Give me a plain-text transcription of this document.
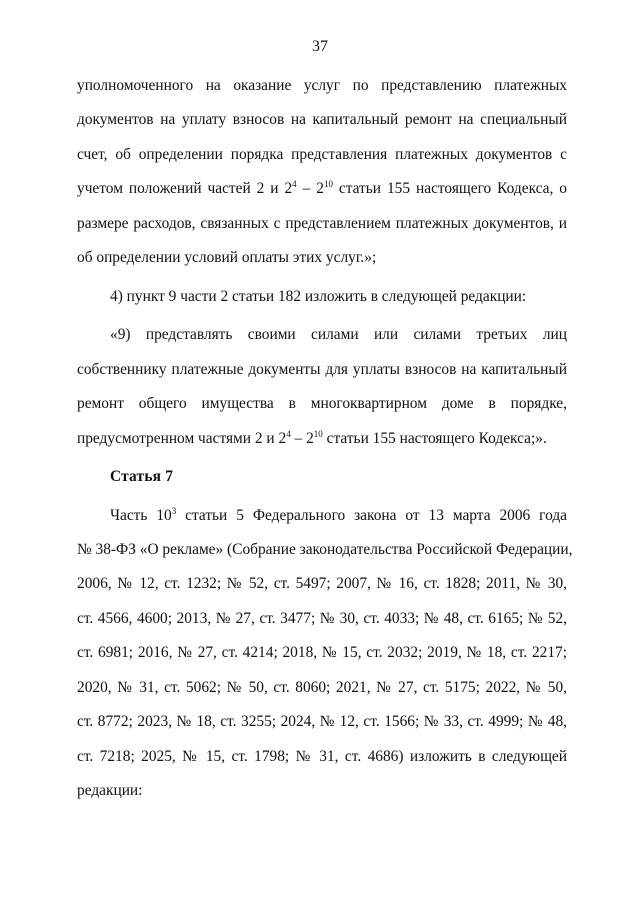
37
уполномоченного на оказание услуг по представлению платежных
документов на уплату взносов на капитальный ремонт на специальный
счет, об определении порядка представления платежных документов с
учетом положений частей 2 и $2^4 - 2^{10}$ статьи 155 настоящего Кодекса, о
размере расходов, связанных с представлением платежных документов, и
об определении условий оплаты этих услуг.»;
4) пункт 9 части 2 статьи 182 изложить в следующей редакции:
«9) представлять своими силами или силами третьих лиц
собственнику платежные документы для уплаты взносов на капитальный
ремонт общего имущества в многоквартирном доме в порядке,
предусмотренном частями 2 и $2^4 - 2^{10}$ статьи 155 настоящего Кодекса;».
Статья 7
Часть $10^3$ статьи 5 Федерального закона от 13 марта 2006 года
№ 38-ФЗ «О рекламе» (Собрание законодательства Российской Федерации,
2006, № 12, ст. 1232; № 52, ст. 5497; 2007, № 16, ст. 1828; 2011, № 30,
ст. 4566, 4600; 2013, № 27, ст. 3477; № 30, ст. 4033; № 48, ст. 6165; № 52,
ст. 6981; 2016, № 27, ст. 4214; 2018, № 15, ст. 2032; 2019, № 18, ст. 2217;
2020, № 31, ст. 5062; № 50, ст. 8060; 2021, № 27, ст. 5175; 2022, № 50,
ст. 8772; 2023, № 18, ст. 3255; 2024, № 12, ст. 1566; № 33, ст. 4999; № 48,
ст. 7218; 2025, № 15, ст. 1798; № 31, ст. 4686) изложить в следующей
редакции:
